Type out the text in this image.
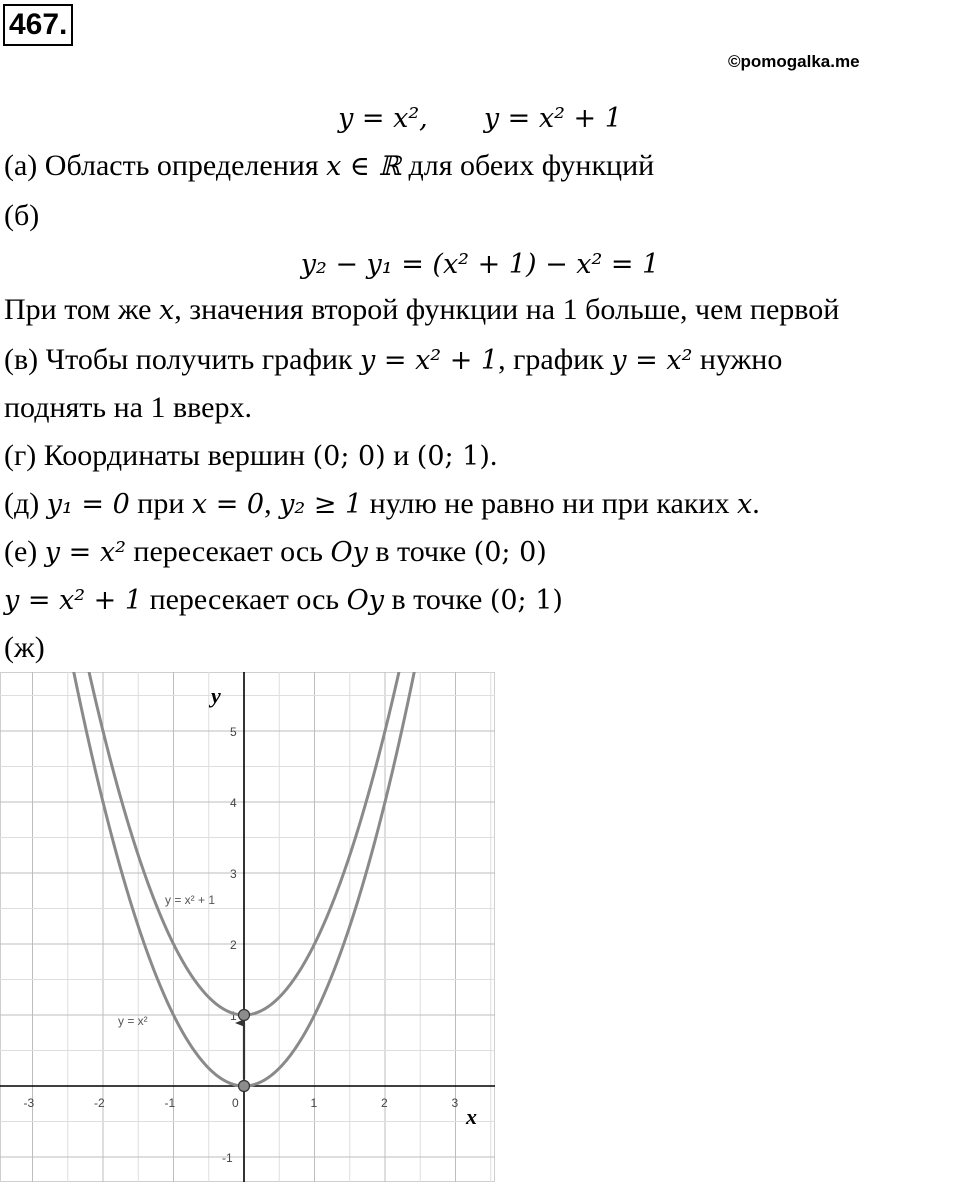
467.
©pomogalka.me
y = x²,  y = x² + 1
(а) Область определения x ∈ ℝ для обеих функций
(б)
y₂ − y₁ = (x² + 1) − x² = 1
При том же x, значения второй функции на 1 больше, чем первой
(в) Чтобы получить график y = x² + 1, график y = x² нужно
поднять на 1 вверх.
(г) Координаты вершин (0; 0) и (0; 1).
(д) y₁ = 0 при x = 0, y₂ ≥ 1 нулю не равно ни при каких x.
(е) y = x² пересекает ось Oy в точке (0; 0)
y = x² + 1 пересекает ось Oy в точке (0; 1)
(ж)
-3	-2	-1	0	1	2	3
-1
1
2
3
4
5
y = x² + 1
y = x²
x
y
